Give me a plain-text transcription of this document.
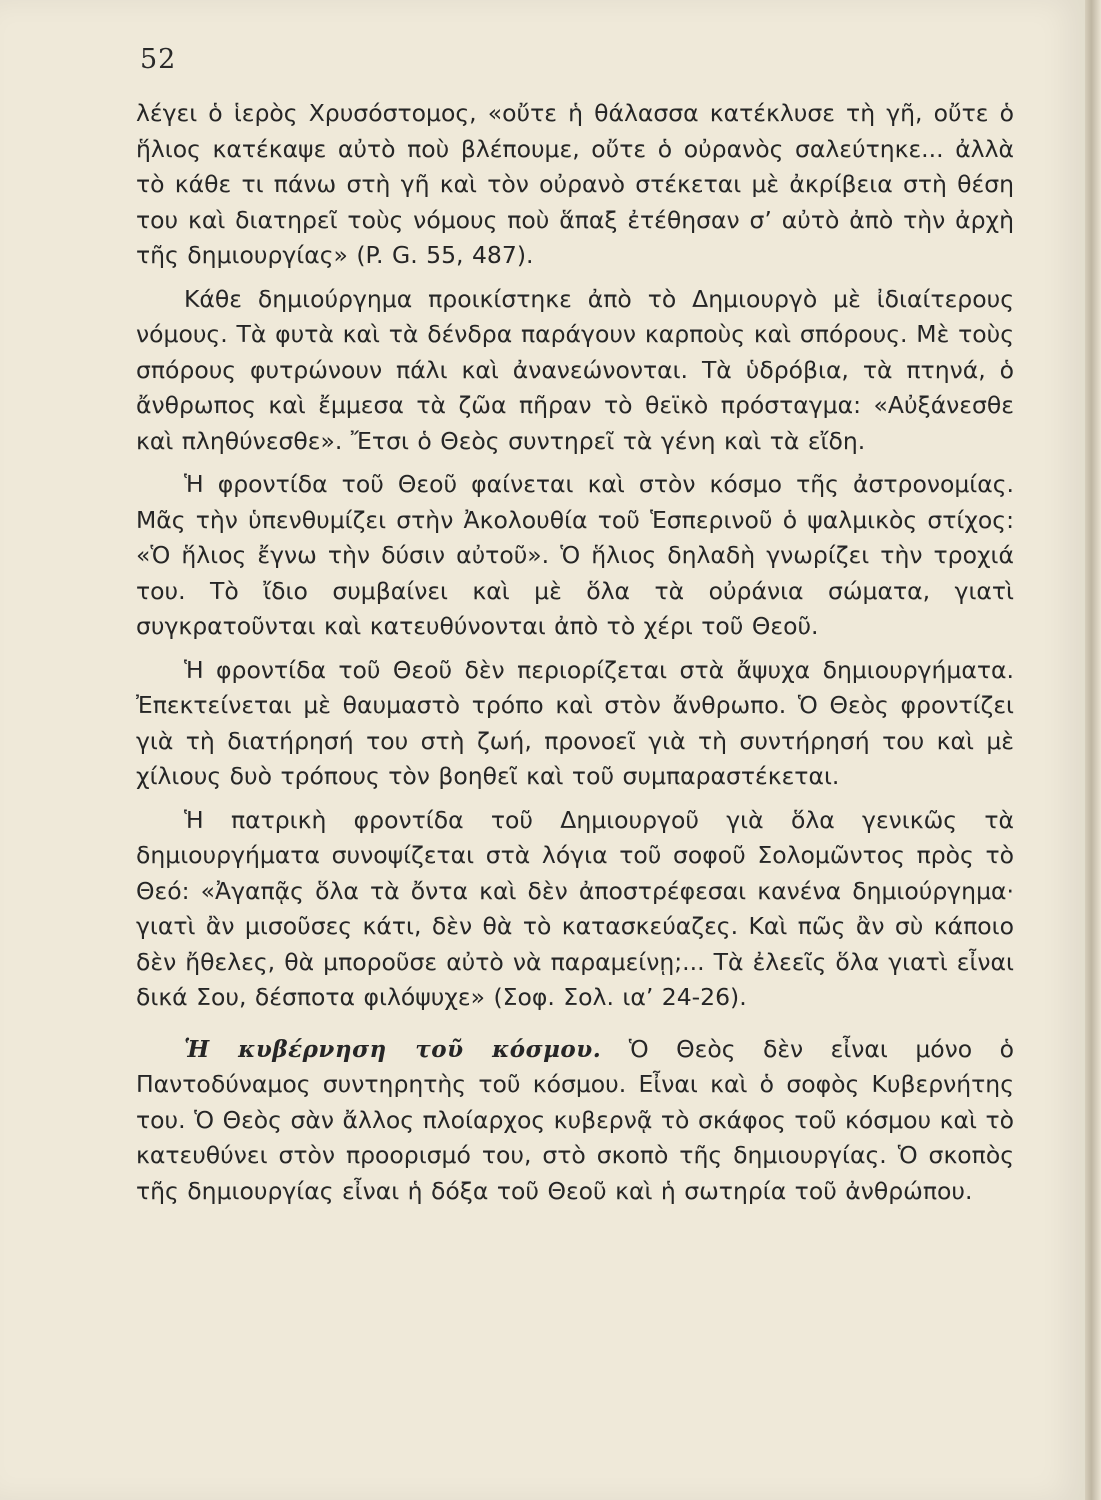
52

λέγει ὁ ἱερὸς Χρυσόστομος, «οὔτε ἡ θάλασσα κατέκλυσε τὴ γῆ, οὔτε ὁ ἥλιος κατέκαψε αὐτὸ ποὺ βλέπουμε, οὔτε ὁ οὐρανὸς σαλεύτηκε... ἀλλὰ τὸ κάθε τι πάνω στὴ γῆ καὶ τὸν οὐρανὸ στέκεται μὲ ἀκρίβεια στὴ θέση του καὶ διατηρεῖ τοὺς νόμους ποὺ ἅπαξ ἐτέθησαν σ’ αὐτὸ ἀπὸ τὴν ἀρχὴ τῆς δημιουργίας» (P. G. 55, 487).

Κάθε δημιούργημα προικίστηκε ἀπὸ τὸ Δημιουργὸ μὲ ἰδιαίτερους νόμους. Τὰ φυτὰ καὶ τὰ δένδρα παράγουν καρποὺς καὶ σπόρους. Μὲ τοὺς σπόρους φυτρώνουν πάλι καὶ ἀνανεώνονται. Τὰ ὑδρόβια, τὰ πτηνά, ὁ ἄνθρωπος καὶ ἔμμεσα τὰ ζῶα πῆραν τὸ θεϊκὸ πρόσταγμα: «Αὐξάνεσθε καὶ πληθύνεσθε». Ἔτσι ὁ Θεὸς συντηρεῖ τὰ γένη καὶ τὰ εἴδη.

Ἡ φροντίδα τοῦ Θεοῦ φαίνεται καὶ στὸν κόσμο τῆς ἀστρονομίας. Μᾶς τὴν ὑπενθυμίζει στὴν Ἀκολουθία τοῦ Ἑσπερινοῦ ὁ ψαλμικὸς στίχος: «Ὁ ἥλιος ἔγνω τὴν δύσιν αὐτοῦ». Ὁ ἥλιος δηλαδὴ γνωρίζει τὴν τροχιά του. Τὸ ἴδιο συμβαίνει καὶ μὲ ὅλα τὰ οὐράνια σώματα, γιατὶ συγκρατοῦνται καὶ κατευθύνονται ἀπὸ τὸ χέρι τοῦ Θεοῦ.

Ἡ φροντίδα τοῦ Θεοῦ δὲν περιορίζεται στὰ ἄψυχα δημιουργήματα. Ἐπεκτείνεται μὲ θαυμαστὸ τρόπο καὶ στὸν ἄνθρωπο. Ὁ Θεὸς φροντίζει γιὰ τὴ διατήρησή του στὴ ζωή, προνοεῖ γιὰ τὴ συντήρησή του καὶ μὲ χίλιους δυὸ τρόπους τὸν βοηθεῖ καὶ τοῦ συμπαραστέκεται.

Ἡ πατρικὴ φροντίδα τοῦ Δημιουργοῦ γιὰ ὅλα γενικῶς τὰ δημιουργήματα συνοψίζεται στὰ λόγια τοῦ σοφοῦ Σολομῶντος πρὸς τὸ Θεό: «Ἀγαπᾷς ὅλα τὰ ὄντα καὶ δὲν ἀποστρέφεσαι κανένα δημιούργημα· γιατὶ ἂν μισοῦσες κάτι, δὲν θὰ τὸ κατασκεύαζες. Καὶ πῶς ἂν σὺ κάποιο δὲν ἤθελες, θὰ μποροῦσε αὐτὸ νὰ παραμείνῃ;... Τὰ ἐλεεῖς ὅλα γιατὶ εἶναι δικά Σου, δέσποτα φιλόψυχε» (Σοφ. Σολ. ια’ 24-26).

Ἡ κυβέρνηση τοῦ κόσμου. Ὁ Θεὸς δὲν εἶναι μόνο ὁ Παντοδύναμος συντηρητὴς τοῦ κόσμου. Εἶναι καὶ ὁ σοφὸς Κυβερνήτης του. Ὁ Θεὸς σὰν ἄλλος πλοίαρχος κυβερνᾷ τὸ σκάφος τοῦ κόσμου καὶ τὸ κατευθύνει στὸν προορισμό του, στὸ σκοπὸ τῆς δημιουργίας. Ὁ σκοπὸς τῆς δημιουργίας εἶναι ἡ δόξα τοῦ Θεοῦ καὶ ἡ σωτηρία τοῦ ἀνθρώπου.
